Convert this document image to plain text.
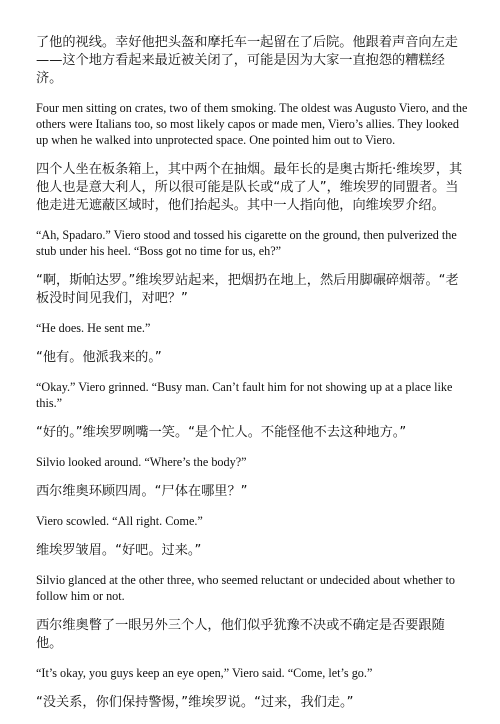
了他的视线。幸好他把头盔和摩托车一起留在了后院。他跟着声音向左走——这个地方看起来最近被关闭了，可能是因为大家一直抱怨的糟糕经济。

Four men sitting on crates, two of them smoking. The oldest was Augusto Viero, and the others were Italians too, so most likely capos or made men, Viero’s allies. They looked up when he walked into unprotected space. One pointed him out to Viero.

四个人坐在板条箱上，其中两个在抽烟。最年长的是奥古斯托·维埃罗，其他人也是意大利人，所以很可能是队长或“成了人”，维埃罗的同盟者。当他走进无遮蔽区域时，他们抬起头。其中一人指向他，向维埃罗介绍。

“Ah, Spadaro.” Viero stood and tossed his cigarette on the ground, then pulverized the stub under his heel. “Boss got no time for us, eh?”

“啊，斯帕达罗。”维埃罗站起来，把烟扔在地上，然后用脚碾碎烟蒂。“老板没时间见我们，对吧？”

“He does. He sent me.”

“他有。他派我来的。”

“Okay.” Viero grinned. “Busy man. Can’t fault him for not showing up at a place like this.”

“好的。”维埃罗咧嘴一笑。“是个忙人。不能怪他不去这种地方。”

Silvio looked around. “Where’s the body?”

西尔维奥环顾四周。“尸体在哪里？”

Viero scowled. “All right. Come.”

维埃罗皱眉。“好吧。过来。”

Silvio glanced at the other three, who seemed reluctant or undecided about whether to follow him or not.

西尔维奥瞥了一眼另外三个人，他们似乎犹豫不决或不确定是否要跟随他。

“It’s okay, you guys keep an eye open,” Viero said. “Come, let’s go.”

“没关系，你们保持警惕，”维埃罗说。“过来，我们走。”
